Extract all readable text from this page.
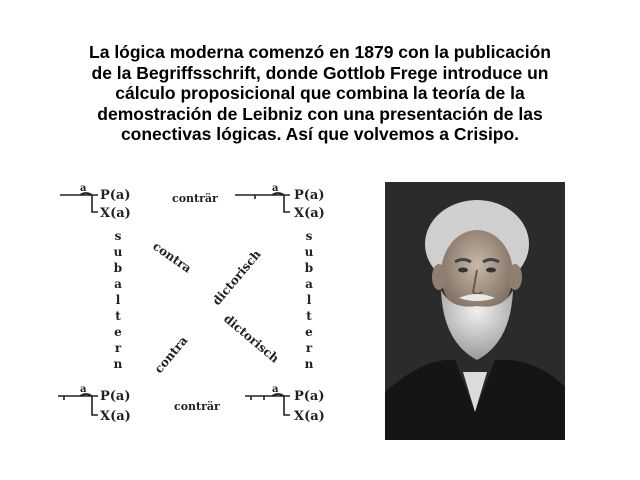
La lógica moderna comenzó en 1879 con la publicación
de la Begriffsschrift, donde Gottlob Frege introduce un
cálculo proposicional que combina la teoría de la
demostración de Leibniz con una presentación de las
conectivas lógicas. Así que volvemos a Crisipo.
a P(a)
X(a)
a P(a)
X(a)
a P(a)
X(a)
a P(a)
X(a)
conträr
conträr
s u b a l t e r n
s u b a l t e r n
contra dictorisch
contra	dictorisch
